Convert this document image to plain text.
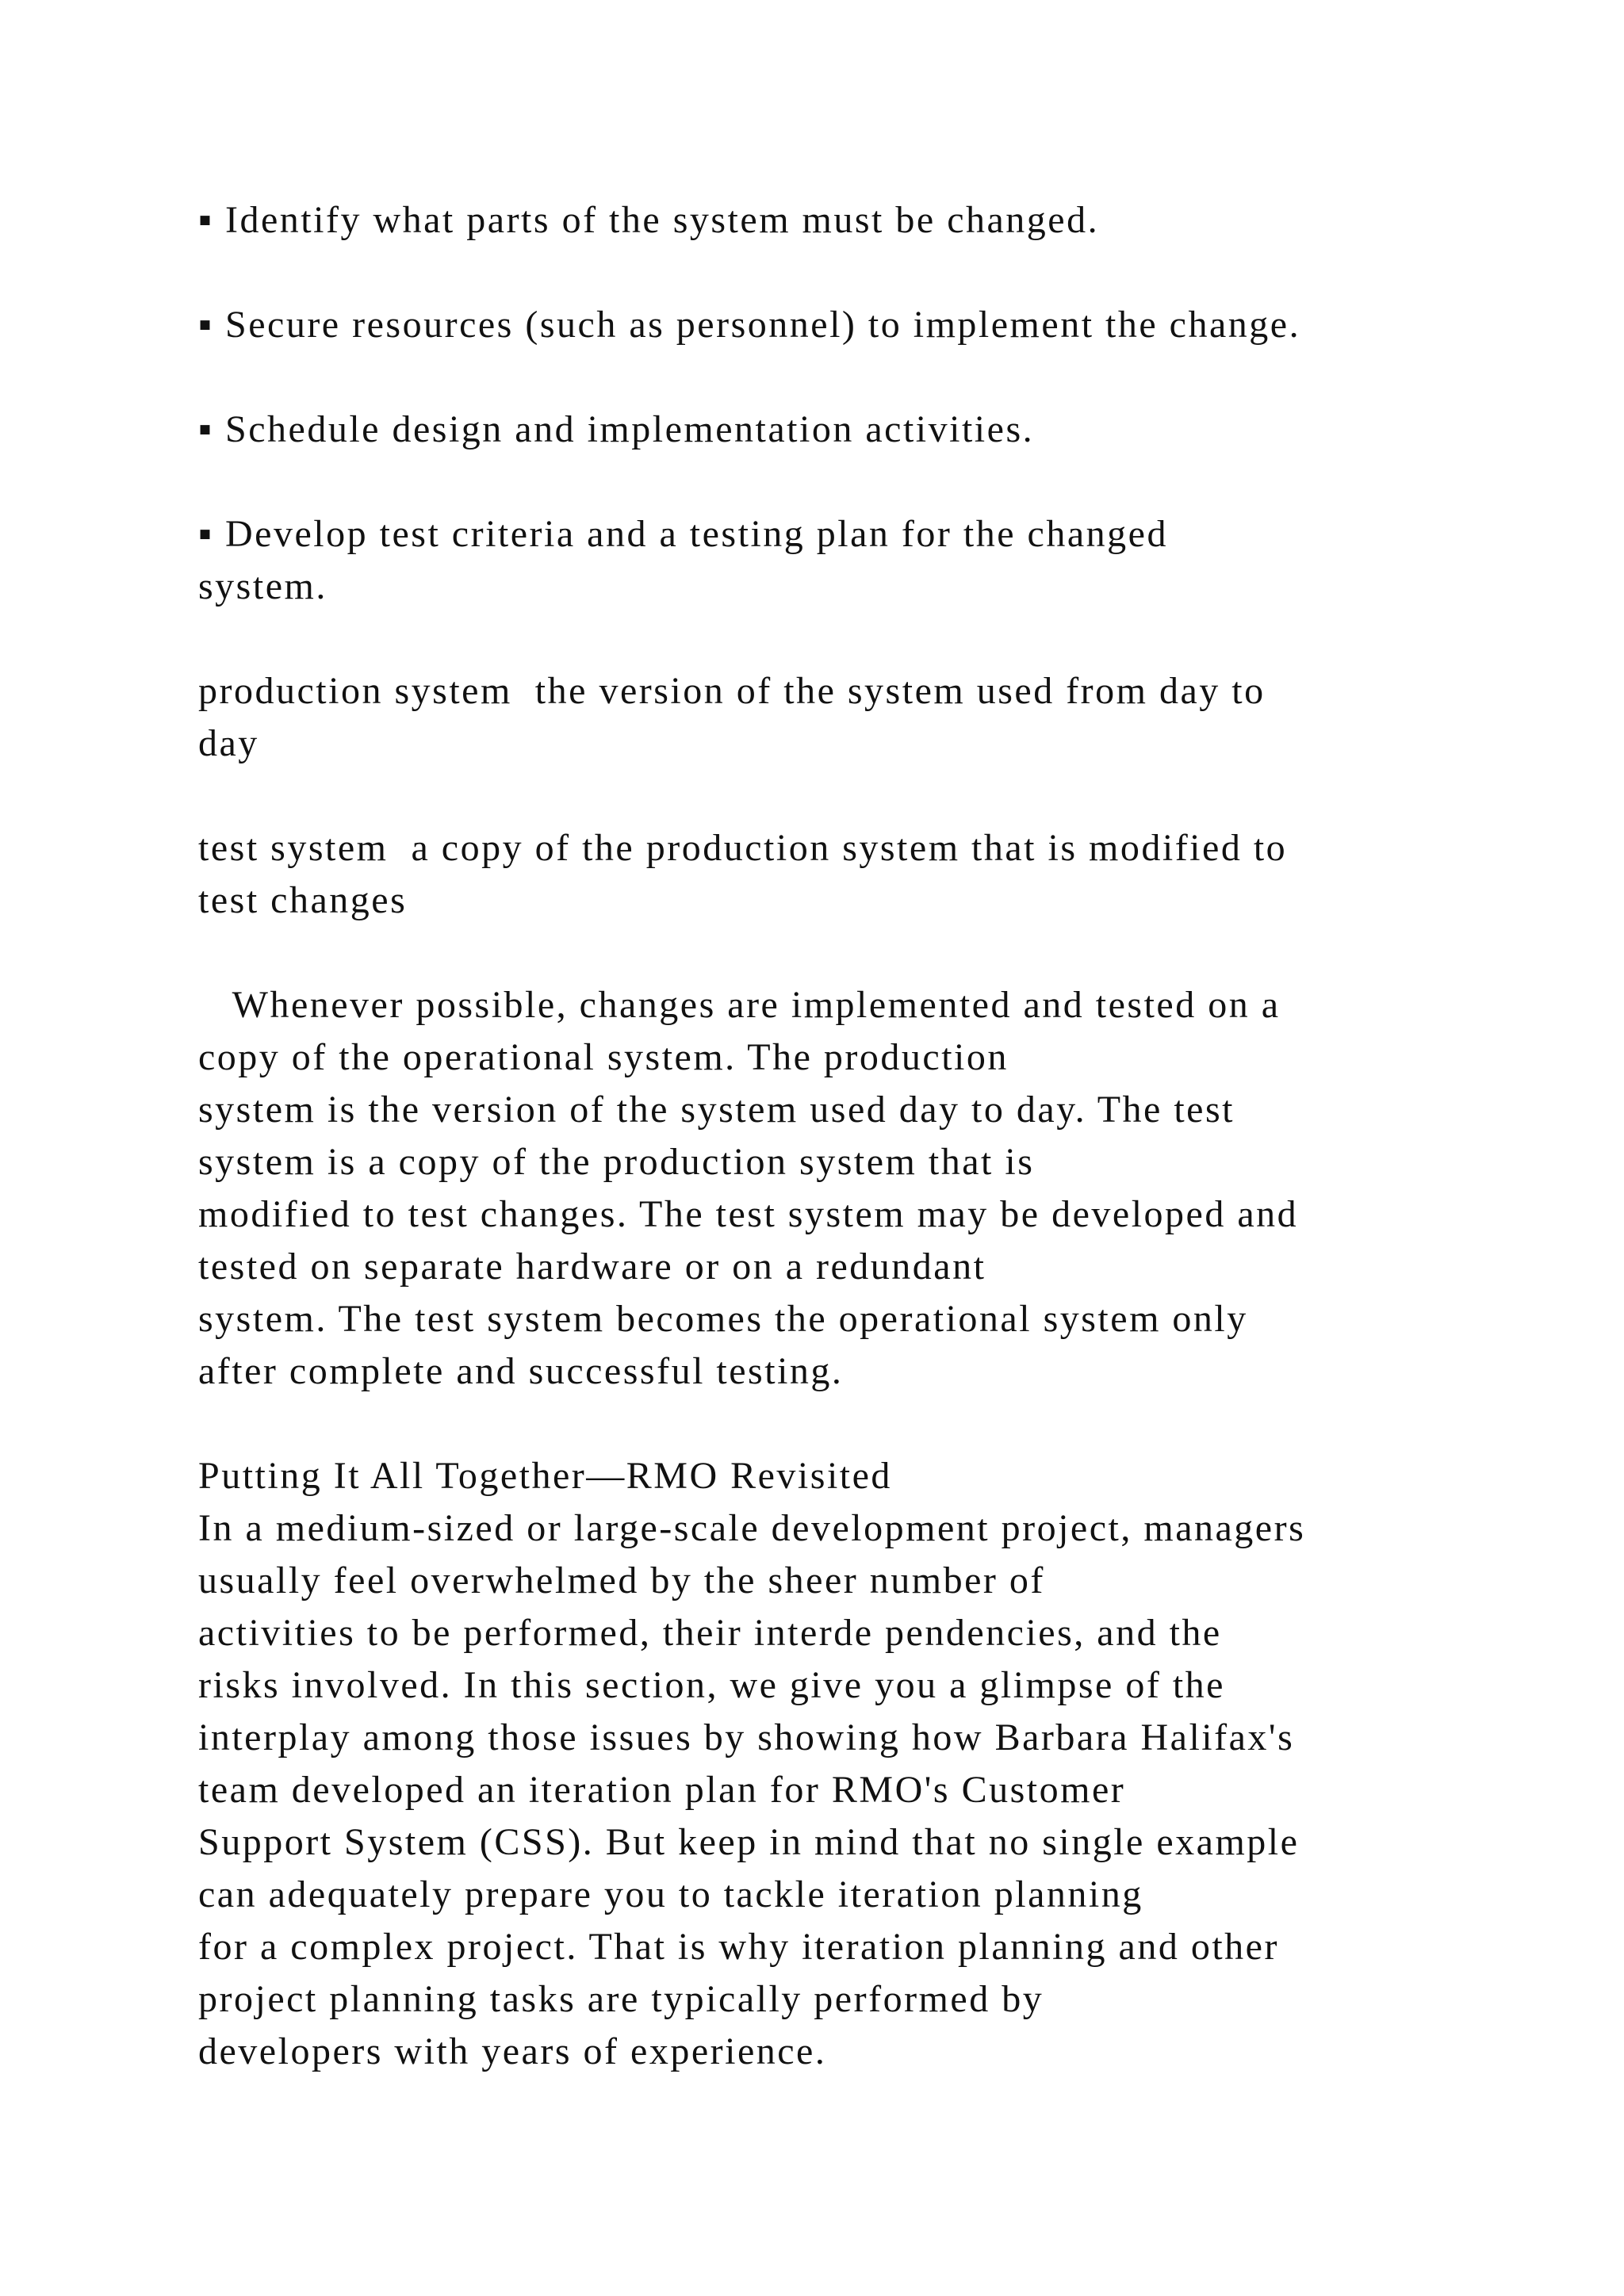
▪ Identify what parts of the system must be changed.
▪ Secure resources (such as personnel) to implement the change.
▪ Schedule design and implementation activities.
▪ Develop test criteria and a testing plan for the changed
system.
production system  the version of the system used from day to
day
test system  a copy of the production system that is modified to
test changes
Whenever possible, changes are implemented and tested on a
copy of the operational system. The production
system is the version of the system used day to day. The test
system is a copy of the production system that is
modified to test changes. The test system may be developed and
tested on separate hardware or on a redundant
system. The test system becomes the operational system only
after complete and successful testing.
Putting It All Together—RMO Revisited
In a medium-sized or large-scale development project, managers
usually feel overwhelmed by the sheer number of
activities to be performed, their interde pendencies, and the
risks involved. In this section, we give you a glimpse of the
interplay among those issues by showing how Barbara Halifax's
team developed an iteration plan for RMO's Customer
Support System (CSS). But keep in mind that no single example
can adequately prepare you to tackle iteration planning
for a complex project. That is why iteration planning and other
project planning tasks are typically performed by
developers with years of experience.
